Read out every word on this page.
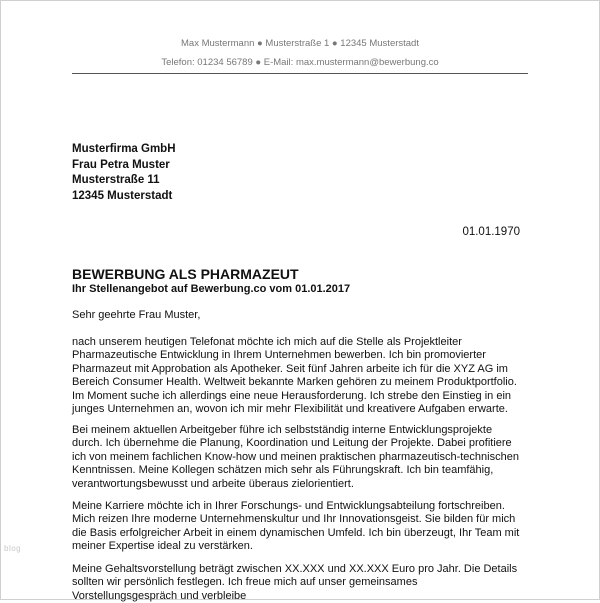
Max Mustermann ● Musterstraße 1 ● 12345 Musterstadt
Telefon: 01234 56789 ● E-Mail: max.mustermann@bewerbung.co
Musterfirma GmbH
Frau Petra Muster
Musterstraße 11
12345 Musterstadt
01.01.1970
BEWERBUNG ALS PHARMAZEUT
Ihr Stellenangebot auf Bewerbung.co vom 01.01.2017
Sehr geehrte Frau Muster,
nach unserem heutigen Telefonat möchte ich mich auf die Stelle als Projektleiter
Pharmazeutische Entwicklung in Ihrem Unternehmen bewerben. Ich bin promovierter
Pharmazeut mit Approbation als Apotheker. Seit fünf Jahren arbeite ich für die XYZ AG im
Bereich Consumer Health. Weltweit bekannte Marken gehören zu meinem Produktportfolio.
Im Moment suche ich allerdings eine neue Herausforderung. Ich strebe den Einstieg in ein
junges Unternehmen an, wovon ich mir mehr Flexibilität und kreativere Aufgaben erwarte.
Bei meinem aktuellen Arbeitgeber führe ich selbstständig interne Entwicklungsprojekte
durch. Ich übernehme die Planung, Koordination und Leitung der Projekte. Dabei profitiere
ich von meinem fachlichen Know-how und meinen praktischen pharmazeutisch-technischen
Kenntnissen. Meine Kollegen schätzen mich sehr als Führungskraft. Ich bin teamfähig,
verantwortungsbewusst und arbeite überaus zielorientiert.
Meine Karriere möchte ich in Ihrer Forschungs- und Entwicklungsabteilung fortschreiben.
Mich reizen Ihre moderne Unternehmenskultur und Ihr Innovationsgeist. Sie bilden für mich
die Basis erfolgreicher Arbeit in einem dynamischen Umfeld. Ich bin überzeugt, Ihr Team mit
meiner Expertise ideal zu verstärken.
Meine Gehaltsvorstellung beträgt zwischen XX.XXX und XX.XXX Euro pro Jahr. Die Details
sollten wir persönlich festlegen. Ich freue mich auf unser gemeinsames
Vorstellungsgespräch und verbleibe
blog
